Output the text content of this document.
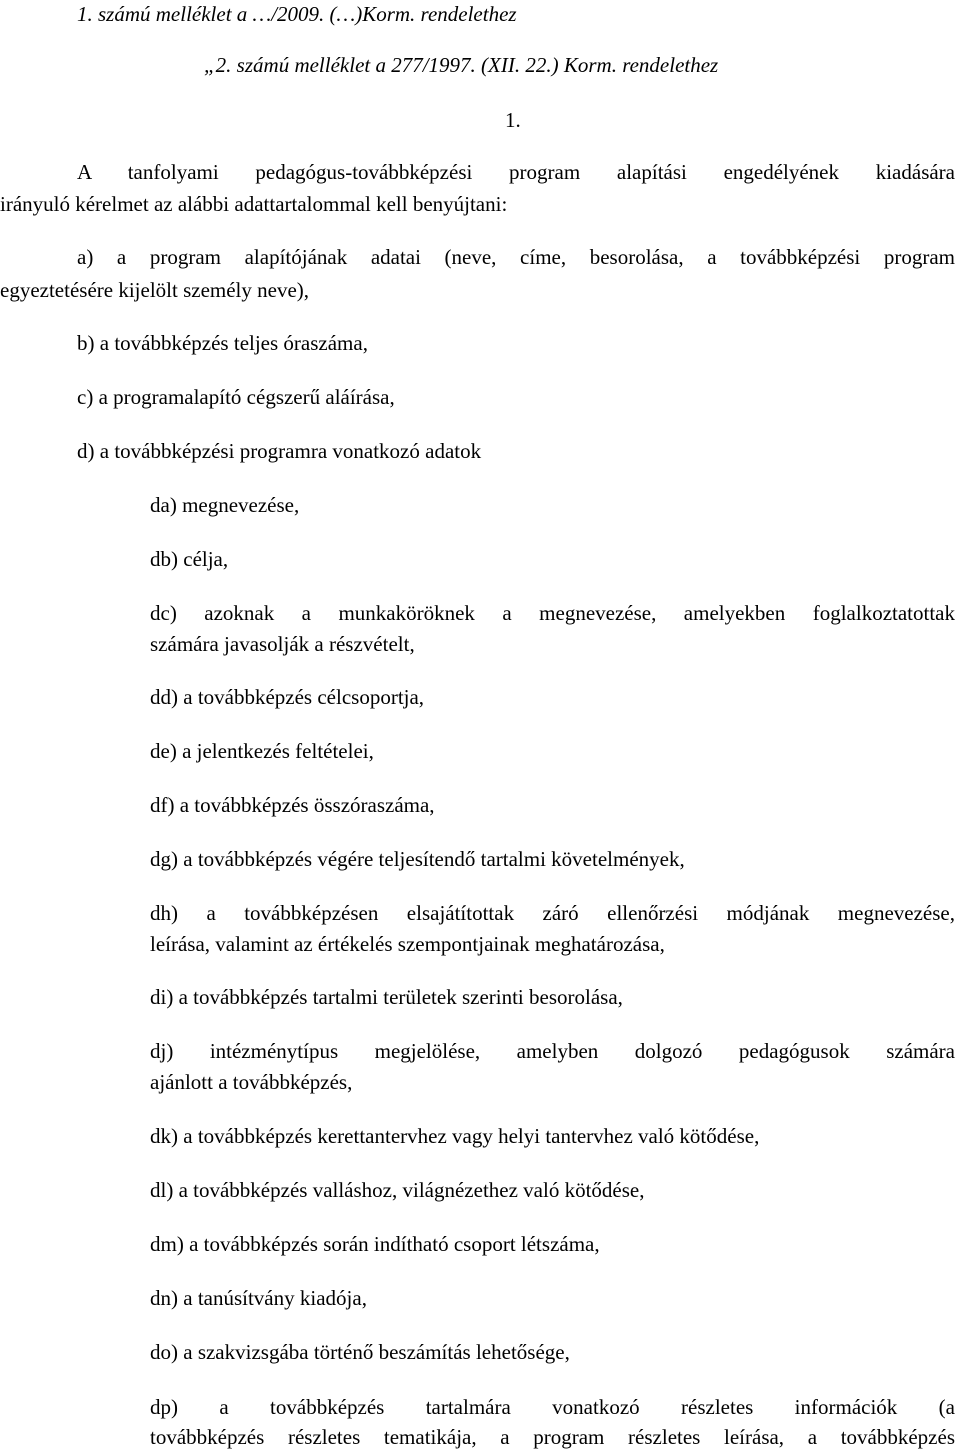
1. számú melléklet a …/2009. (…)Korm. rendelethez
„2. számú melléklet a 277/1997. (XII. 22.) Korm. rendelethez
1.
A tanfolyami pedagógus-továbbképzési program alapítási engedélyének kiadására
irányuló kérelmet az alábbi adattartalommal kell benyújtani:
a) a program alapítójának adatai (neve, címe, besorolása, a továbbképzési program
egyeztetésére kijelölt személy neve),
b) a továbbképzés teljes óraszáma,
c) a programalapító cégszerű aláírása,
d) a továbbképzési programra vonatkozó adatok
da) megnevezése,
db) célja,
dc) azoknak a munkaköröknek a megnevezése, amelyekben foglalkoztatottak
számára javasolják a részvételt,
dd) a továbbképzés célcsoportja,
de) a jelentkezés feltételei,
df) a továbbképzés összóraszáma,
dg) a továbbképzés végére teljesítendő tartalmi követelmények,
dh) a továbbképzésen elsajátítottak záró ellenőrzési módjának megnevezése,
leírása, valamint az értékelés szempontjainak meghatározása,
di) a továbbképzés tartalmi területek szerinti besorolása,
dj) intézménytípus megjelölése, amelyben dolgozó pedagógusok számára
ajánlott a továbbképzés,
dk) a továbbképzés kerettantervhez vagy helyi tantervhez való kötődése,
dl) a továbbképzés valláshoz, világnézethez való kötődése,
dm) a továbbképzés során indítható csoport létszáma,
dn) a tanúsítvány kiadója,
do) a szakvizsgába történő beszámítás lehetősége,
dp) a továbbképzés tartalmára vonatkozó részletes információk (a
továbbképzés részletes tematikája, a program részletes leírása, a továbbképzés
